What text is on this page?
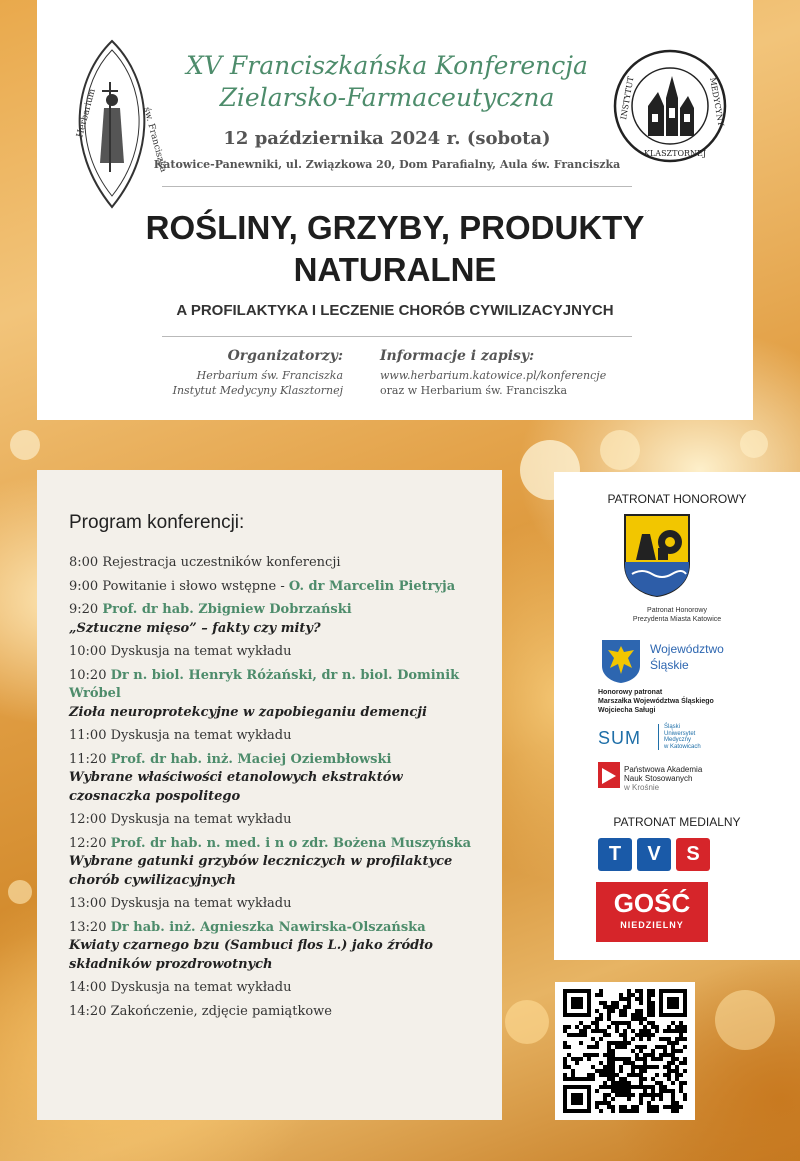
Herbarium	św. Franciszka
XV Franciszkańska Konferencja
Zielarsko-Farmaceutyczna
12 października 2024 r. (sobota)
Katowice-Panewniki, ul. Związkowa 20, Dom Parafialny, Aula św. Franciszka
INSTYTUT	MEDYCYNY
KLASZTORNEJ
ROŚLINY, GRZYBY, PRODUKTY
NATURALNE
A PROFILAKTYKA I LECZENIE CHORÓB CYWILIZACYJNYCH
Organizatorzy:
Herbarium św. Franciszka
Instytut Medycyny Klasztornej
Informacje i zapisy:
www.herbarium.katowice.pl/konferencje
oraz w Herbarium św. Franciszka
Program konferencji:
8:00 Rejestracja uczestników konferencji
9:00 Powitanie i słowo wstępne - O. dr Marcelin Pietryja
9:20 Prof. dr hab. Zbigniew Dobrzański
„Sztuczne mięso” – fakty czy mity?
10:00 Dyskusja na temat wykładu
10:20 Dr n. biol. Henryk Różański, dr n. biol. Dominik Wróbel
Zioła neuroprotekcyjne w zapobieganiu demencji
11:00 Dyskusja na temat wykładu
11:20 Prof. dr hab. inż. Maciej Oziembłowski
Wybrane właściwości etanolowych ekstraktów czosnaczka pospolitego
12:00 Dyskusja na temat wykładu
12:20 Prof. dr hab. n. med. i n o zdr. Bożena Muszyńska
Wybrane gatunki grzybów leczniczych w profilaktyce chorób cywilizacyjnych
13:00 Dyskusja na temat wykładu
13:20 Dr hab. inż. Agnieszka Nawirska-Olszańska
Kwiaty czarnego bzu (Sambuci flos L.) jako źródło składników prozdrowotnych
14:00 Dyskusja na temat wykładu
14:20 Zakończenie, zdjęcie pamiątkowe
PATRONAT HONOROWY
Patronat Honorowy
Prezydenta Miasta Katowice
Województwo
Śląskie
Honorowy patronat
Marszałka Województwa Śląskiego
Wojciecha Saługi
SUM
Śląski
Uniwersytet
Medyczny
w Katowicach
Państwowa Akademia
Nauk Stosowanych
w Krośnie
PATRONAT MEDIALNY
T	V	S
GOŚĆ
NIEDZIELNY
